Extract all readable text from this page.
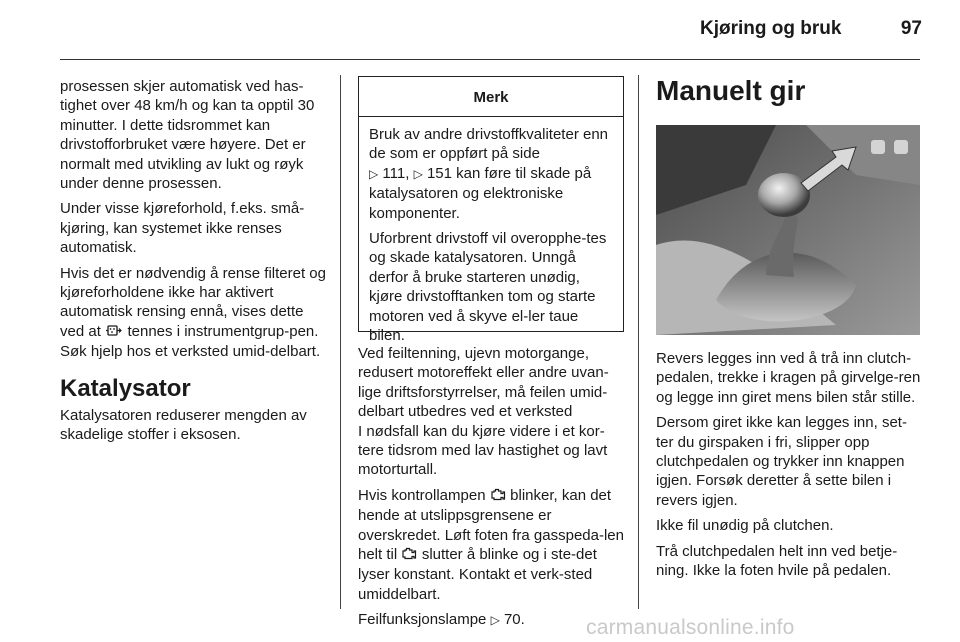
Kjøring og bruk	97

prosessen skjer automatisk ved has-tighet over 48 km/h og kan ta opptil 30 minutter. I dette tidsrommet kan drivstofforbruket være høyere. Det er normalt med utvikling av lukt og røyk under denne prosessen.

Under visse kjøreforhold, f.eks. små-kjøring, kan systemet ikke renses automatisk.

Hvis det er nødvendig å rense filteret og kjøreforholdene ikke har aktivert automatisk rensing ennå, vises dette ved at  tennes i instrumentgrup-pen. Søk hjelp hos et verksted umid-delbart.

Katalysator

Katalysatoren reduserer mengden av skadelige stoffer i eksosen.

Merk

Bruk av andre drivstoffkvaliteter enn de som er oppført på side
▷ 111, ▷ 151 kan føre til skade på katalysatoren og elektroniske komponenter.

Uforbrent drivstoff vil overopphe-tes og skade katalysatoren. Unngå derfor å bruke starteren unødig, kjøre drivstofftanken tom og starte motoren ved å skyve el-ler taue bilen.

Ved feiltenning, ujevn motorgange, redusert motoreffekt eller andre uvan-lige driftsforstyrrelser, må feilen umid-delbart utbedres ved et verksted

I nødsfall kan du kjøre videre i et kor-tere tidsrom med lav hastighet og lavt motorturtall.

Hvis kontrollampen  blinker, kan det hende at utslippsgrensene er overskredet. Løft foten fra gasspeda-len helt til  slutter å blinke og i ste-det lyser konstant. Kontakt et verk-sted umiddelbart.

Feilfunksjonslampe ▷ 70.

Manuelt gir

Revers legges inn ved å trå inn clutch-pedalen, trekke i kragen på girvelge-ren og legge inn giret mens bilen står stille.

Dersom giret ikke kan legges inn, set-ter du girspaken i fri, slipper opp clutchpedalen og trykker inn knappen igjen. Forsøk deretter å sette bilen i revers igjen.

Ikke fil unødig på clutchen.

Trå clutchpedalen helt inn ved betje-ning. Ikke la foten hvile på pedalen.

carmanualsonline.info
